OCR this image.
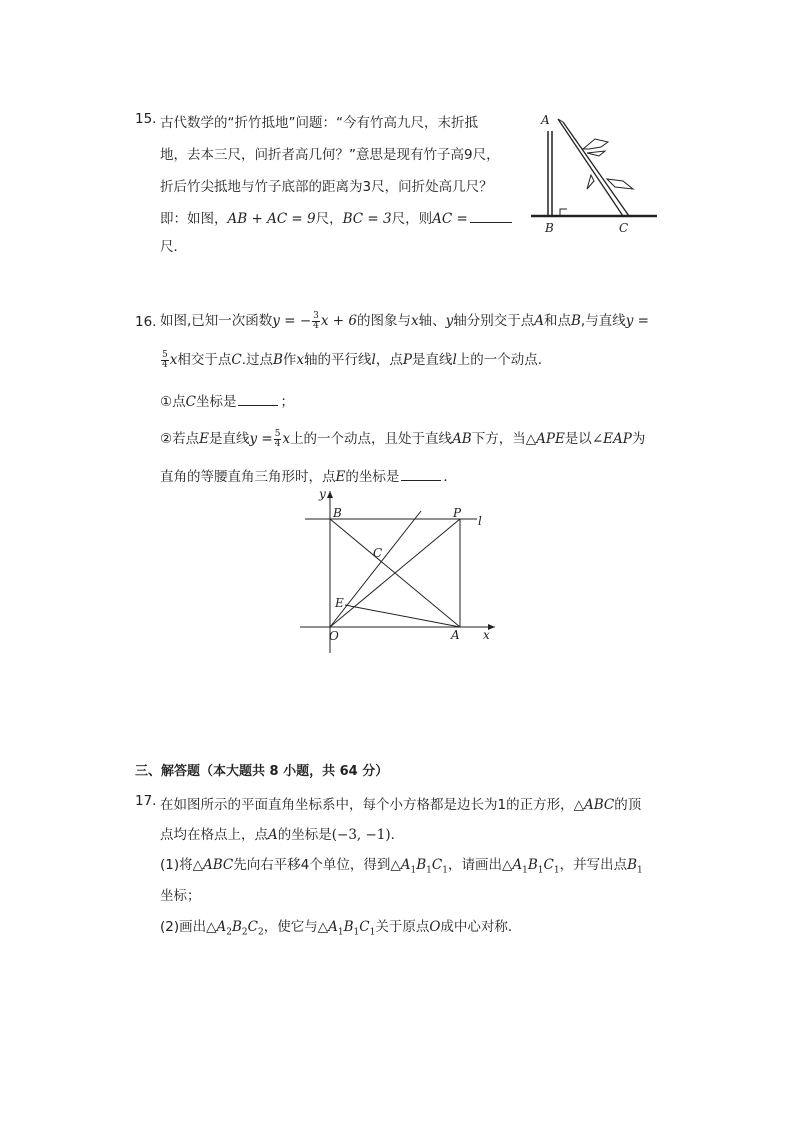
15. 古代数学的“折竹抵地”问题：“今有竹高九尺，末折抵
地，去本三尺，问折者高几何？”意思是现有竹子高9尺，
折后竹尖抵地与竹子底部的距离为3尺，问折处高几尺？
即：如图，AB + AC = 9尺，BC = 3尺，则AC =
尺．
A
B	C
16. 如图,已知一次函数y = − $\frac{3}{4}$ x + 6的图象与x轴、y轴分别交于点A和点B,与直线y =
$\frac{5}{4}$ x相交于点C.过点B作x轴的平行线l，点P是直线l上的一个动点．
①点C坐标是	；
②若点E是直线$y = \frac{5}{4}$ x上的一个动点，且处于直线AB下方，当△APE是以∠EAP为
直角的等腰直角三角形时，点E的坐标是	．
y
x
B	P
l
C
E
O	A
三、解答题（本大题共 8 小题，共 64 分）
17. 在如图所示的平面直角坐标系中，每个小方格都是边长为1的正方形，△ABC的顶
点均在格点上，点A的坐标是(−3, −1)．
(1)将△ABC先向右平移4个单位，得到$\triangle A_1B_1C_1$，请画出$\triangle A_1B_1C_1$，并写出点$B_1$
坐标；
(2)画出$\triangle A_2B_2C_2$，使它与$\triangle A_1B_1C_1$关于原点O成中心对称．
